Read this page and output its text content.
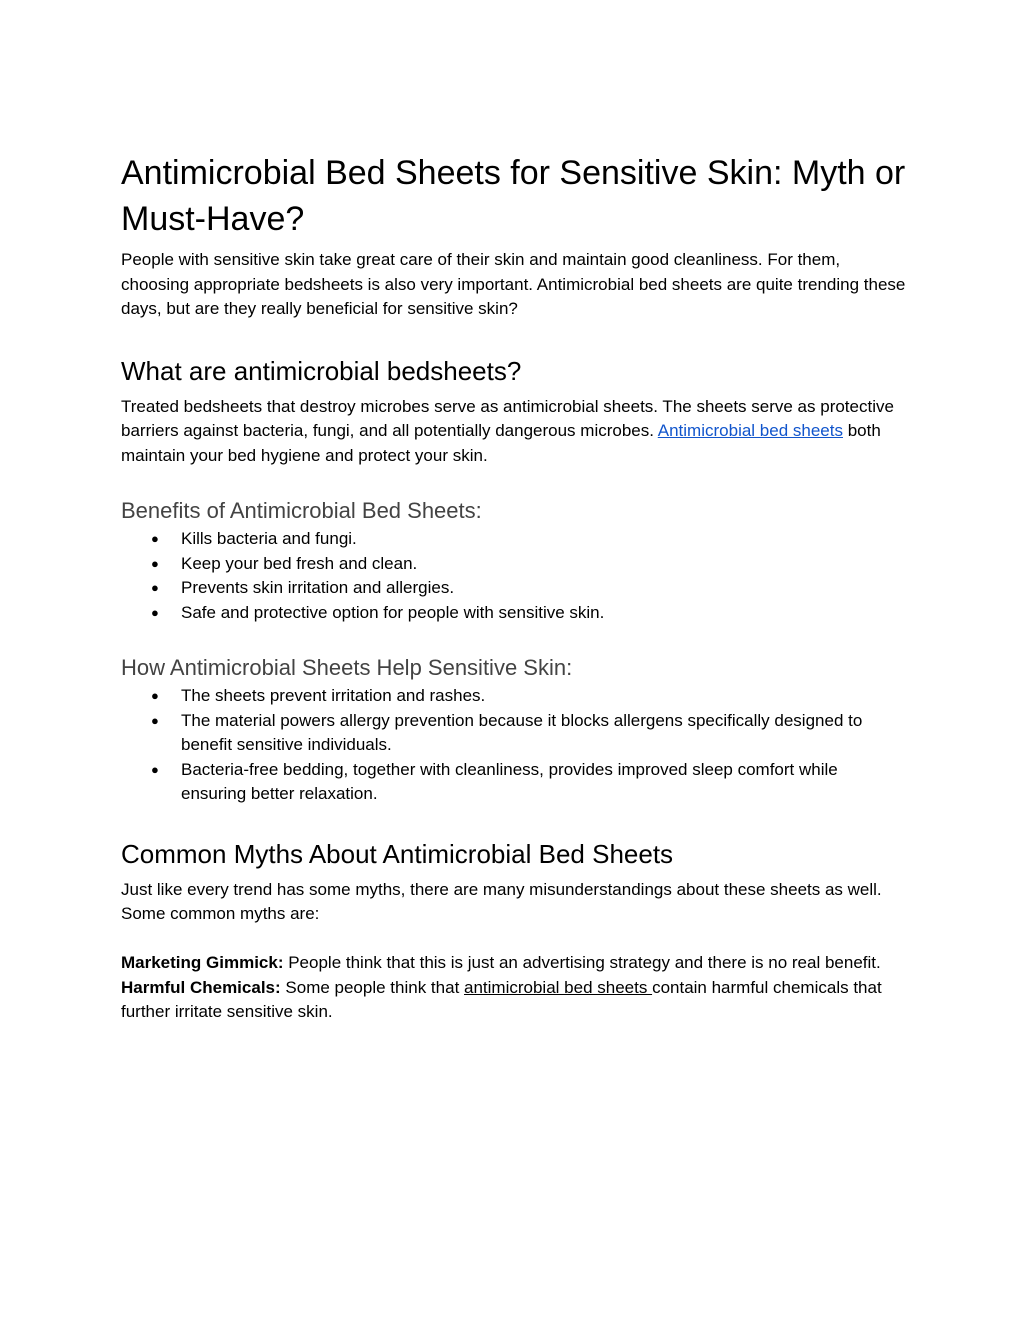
Antimicrobial Bed Sheets for Sensitive Skin: Myth or Must-Have?

People with sensitive skin take great care of their skin and maintain good cleanliness. For them, choosing appropriate bedsheets is also very important. Antimicrobial bed sheets are quite trending these days, but are they really beneficial for sensitive skin?

What are antimicrobial bedsheets?

Treated bedsheets that destroy microbes serve as antimicrobial sheets. The sheets serve as protective barriers against bacteria, fungi, and all potentially dangerous microbes. Antimicrobial bed sheets both maintain your bed hygiene and protect your skin.

Benefits of Antimicrobial Bed Sheets:
● Kills bacteria and fungi.
● Keep your bed fresh and clean.
● Prevents skin irritation and allergies.
● Safe and protective option for people with sensitive skin.
How Antimicrobial Sheets Help Sensitive Skin:
● The sheets prevent irritation and rashes.
● The material powers allergy prevention because it blocks allergens specifically designed to benefit sensitive individuals.
● Bacteria-free bedding, together with cleanliness, provides improved sleep comfort while ensuring better relaxation.
Common Myths About Antimicrobial Bed Sheets

Just like every trend has some myths, there are many misunderstandings about these sheets as well. Some common myths are:

Marketing Gimmick: People think that this is just an advertising strategy and there is no real benefit.

Harmful Chemicals: Some people think that antimicrobial bed sheets contain harmful chemicals that further irritate sensitive skin.
